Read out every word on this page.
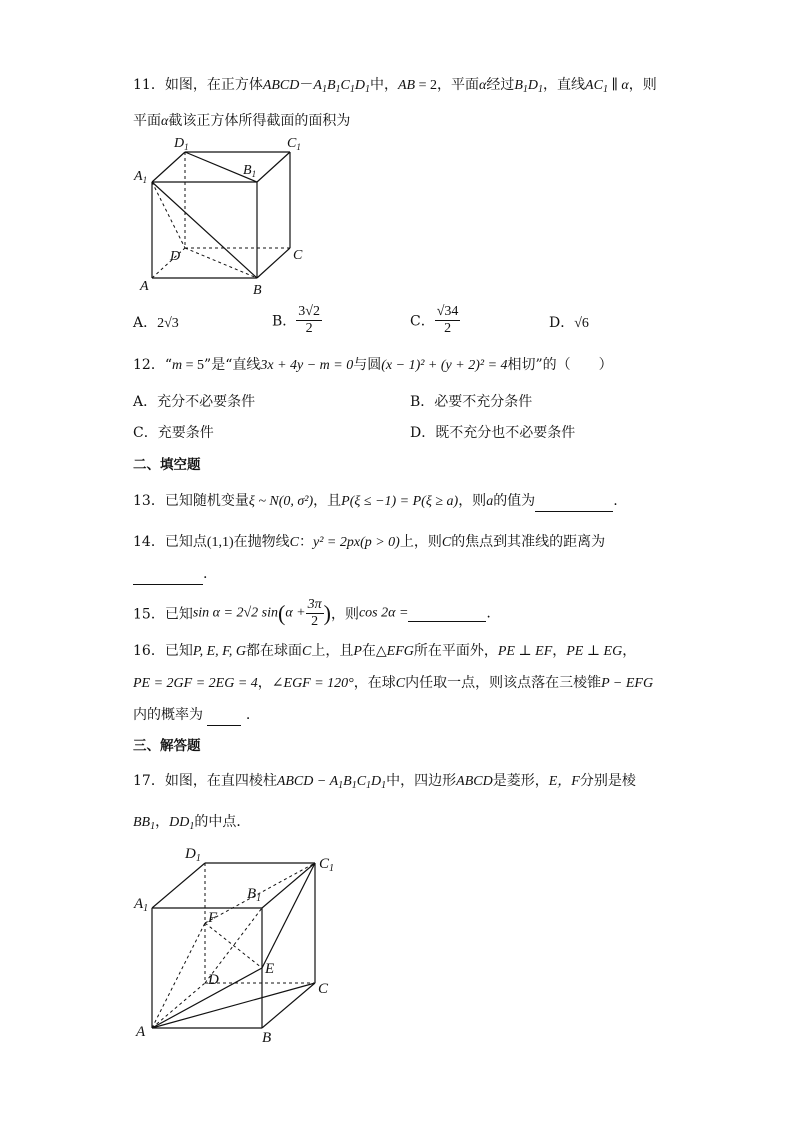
11．如图，在正方体$ABCD-A_1B_1C_1D_1$中，AB = 2，平面α经过$B_1D_1$，直线$AC_1$ ∥ α，则
平面α截该正方体所得截面的面积为
$D_1$	$C_1$
$A_1$
$B_1$
D	C
A	B
A．2√3	B． $\frac{3√2}{2}$	C． $\frac{√34}{2}$	D．√6
12．“m = 5”是“直线3x + 4y − m = 0与圆(x − 1)² + (y + 2)² = 4相切”的（　　）
A．充分不必要条件	B．必要不充分条件
C．充要条件	D．既不充分也不必要条件
二、填空题
13．已知随机变量ξ ~ N(0, σ²)，且P(ξ ≤ −1) = P(ξ ≥ a)，则a的值为	.
14．已知点(1,1)在抛物线C：y² = 2px(p > 0)上，则C的焦点到其准线的距离为
.
15．已知sin α = 2√2 $\sin(\alpha + \frac{3\pi}{2}$ )，则cos 2α =	.
16．已知P, E, F, G都在球面C上，且P在△EFG所在平面外，PE ⊥ EF，PE ⊥ EG，
PE = 2GF = 2EG = 4，∠EGF = 120°，在球C内任取一点，则该点落在三棱锥P − EFG
内的概率为	.
三、解答题
17．如图，在直四棱柱ABCD − $A_1B_1C_1D_1$中，四边形ABCD是菱形，E，F分别是棱
$BB_1$，$DD_1$的中点．
$D_1$	$C_1$
$A_1$
$B_1$
F
E
D
C
A	B
